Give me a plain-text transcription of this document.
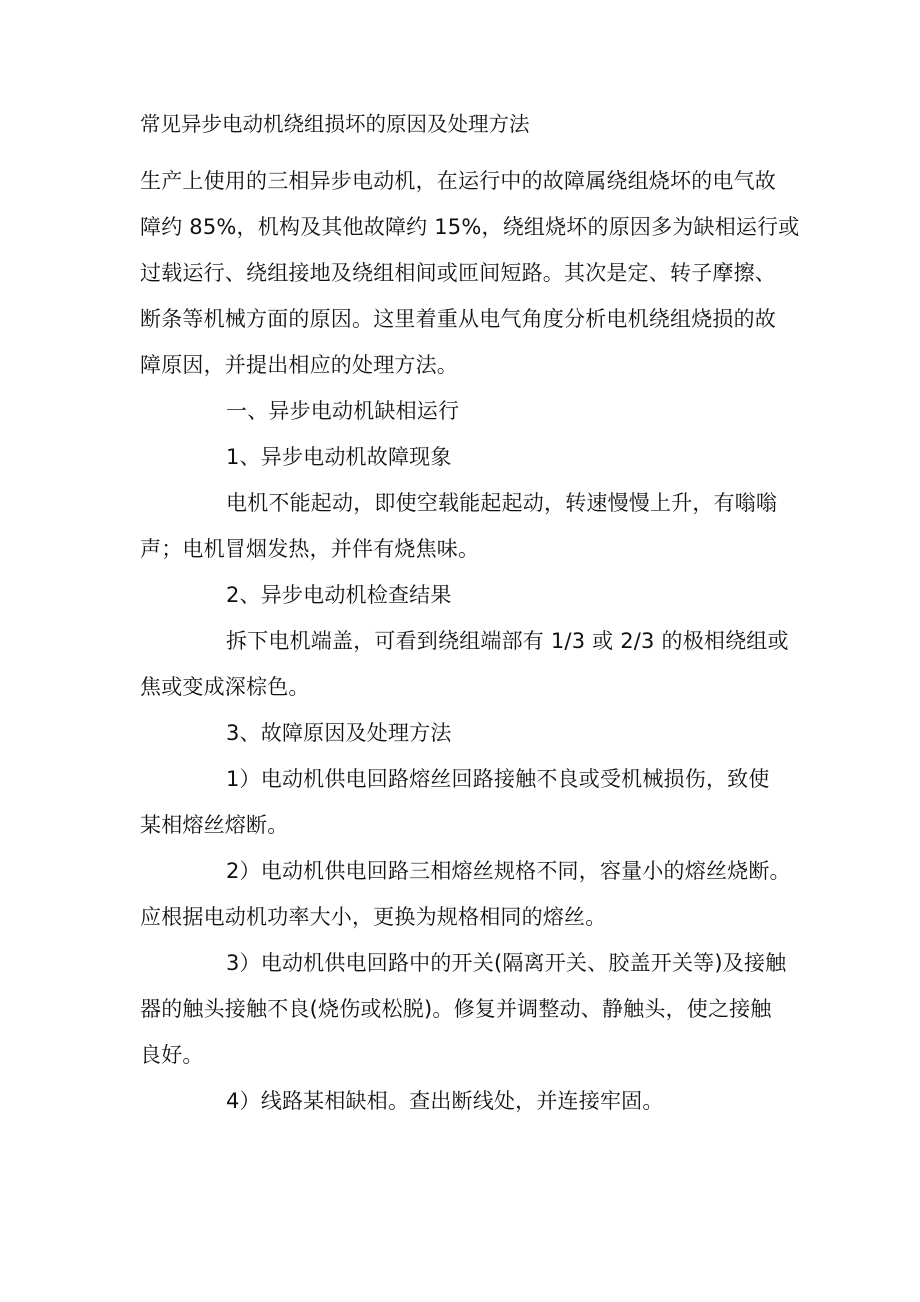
常见异步电动机绕组损坏的原因及处理方法

生产上使用的三相异步电动机，在运行中的故障属绕组烧坏的电气故
障约 85%，机构及其他故障约 15%，绕组烧坏的原因多为缺相运行或
过载运行、绕组接地及绕组相间或匝间短路。其次是定、转子摩擦、
断条等机械方面的原因。这里着重从电气角度分析电机绕组烧损的故
障原因，并提出相应的处理方法。

一、异步电动机缺相运行

1、异步电动机故障现象

电机不能起动，即使空载能起起动，转速慢慢上升，有嗡嗡
声；电机冒烟发热，并伴有烧焦味。

2、异步电动机检查结果

拆下电机端盖，可看到绕组端部有 1/3 或 2/3 的极相绕组或
焦或变成深棕色。

3、故障原因及处理方法

1）电动机供电回路熔丝回路接触不良或受机械损伤，致使
某相熔丝熔断。

2）电动机供电回路三相熔丝规格不同，容量小的熔丝烧断。
应根据电动机功率大小，更换为规格相同的熔丝。

3）电动机供电回路中的开关(隔离开关、胶盖开关等)及接触
器的触头接触不良(烧伤或松脱)。修复并调整动、静触头，使之接触
良好。

4）线路某相缺相。查出断线处，并连接牢固。
